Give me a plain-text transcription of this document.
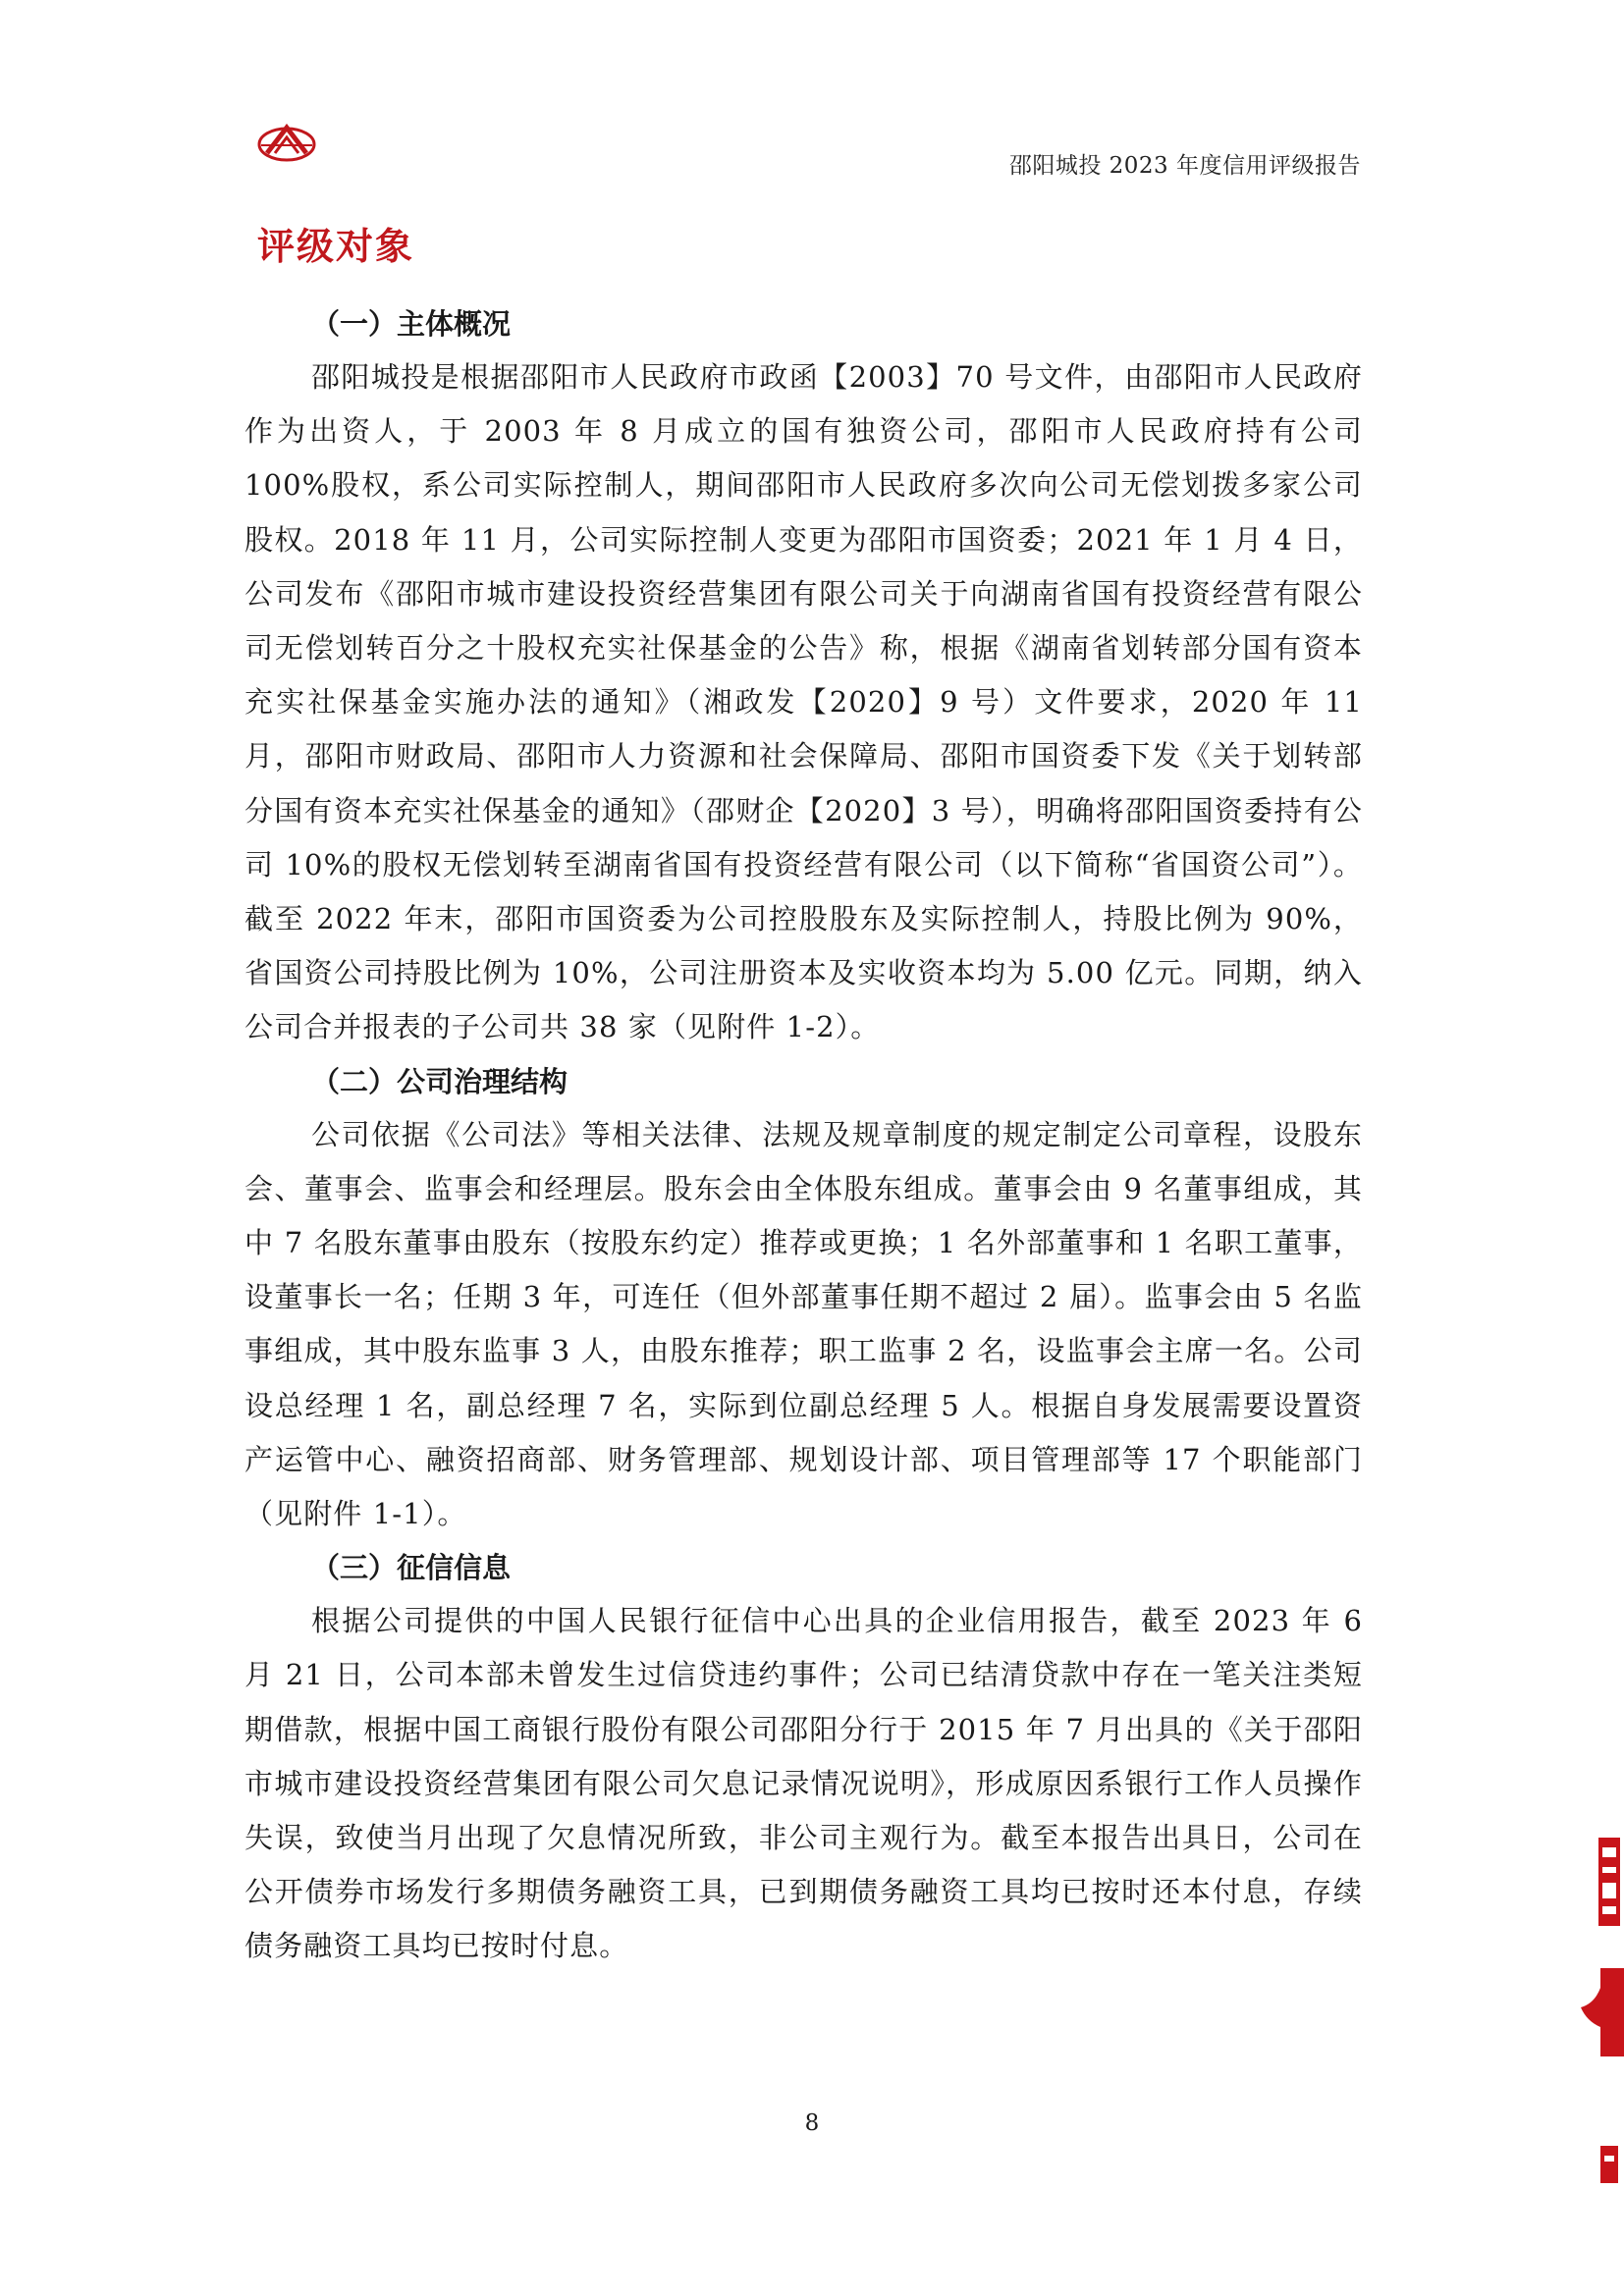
邵阳城投 2023 年度信用评级报告
评级对象
（一）主体概况

邵阳城投是根据邵阳市人民政府市政函【2003】70 号文件，由邵阳市人民政府作为出资人，于 2003 年 8 月成立的国有独资公司，邵阳市人民政府持有公司 100%股权，系公司实际控制人，期间邵阳市人民政府多次向公司无偿划拨多家公司股权。2018 年 11 月，公司实际控制人变更为邵阳市国资委；2021 年 1 月 4 日，公司发布《邵阳市城市建设投资经营集团有限公司关于向湖南省国有投资经营有限公司无偿划转百分之十股权充实社保基金的公告》称，根据《湖南省划转部分国有资本充实社保基金实施办法的通知》（湘政发【2020】9 号）文件要求，2020 年 11 月，邵阳市财政局、邵阳市人力资源和社会保障局、邵阳市国资委下发《关于划转部分国有资本充实社保基金的通知》（邵财企【2020】3 号），明确将邵阳国资委持有公司 10%的股权无偿划转至湖南省国有投资经营有限公司（以下简称“省国资公司”）。截至 2022 年末，邵阳市国资委为公司控股股东及实际控制人，持股比例为 90%，省国资公司持股比例为 10%，公司注册资本及实收资本均为 5.00 亿元。同期，纳入公司合并报表的子公司共 38 家（见附件 1-2）。

（二）公司治理结构

公司依据《公司法》等相关法律、法规及规章制度的规定制定公司章程，设股东会、董事会、监事会和经理层。股东会由全体股东组成。董事会由 9 名董事组成，其中 7 名股东董事由股东（按股东约定）推荐或更换；1 名外部董事和 1 名职工董事，设董事长一名；任期 3 年，可连任（但外部董事任期不超过 2 届）。监事会由 5 名监事组成，其中股东监事 3 人，由股东推荐；职工监事 2 名，设监事会主席一名。公司设总经理 1 名，副总经理 7 名，实际到位副总经理 5 人。根据自身发展需要设置资产运管中心、融资招商部、财务管理部、规划设计部、项目管理部等 17 个职能部门（见附件 1-1）。

（三）征信信息

根据公司提供的中国人民银行征信中心出具的企业信用报告，截至 2023 年 6 月 21 日，公司本部未曾发生过信贷违约事件；公司已结清贷款中存在一笔关注类短期借款，根据中国工商银行股份有限公司邵阳分行于 2015 年 7 月出具的《关于邵阳市城市建设投资经营集团有限公司欠息记录情况说明》，形成原因系银行工作人员操作失误，致使当月出现了欠息情况所致，非公司主观行为。截至本报告出具日，公司在公开债券市场发行多期债务融资工具，已到期债务融资工具均已按时还本付息，存续债务融资工具均已按时付息。

8
